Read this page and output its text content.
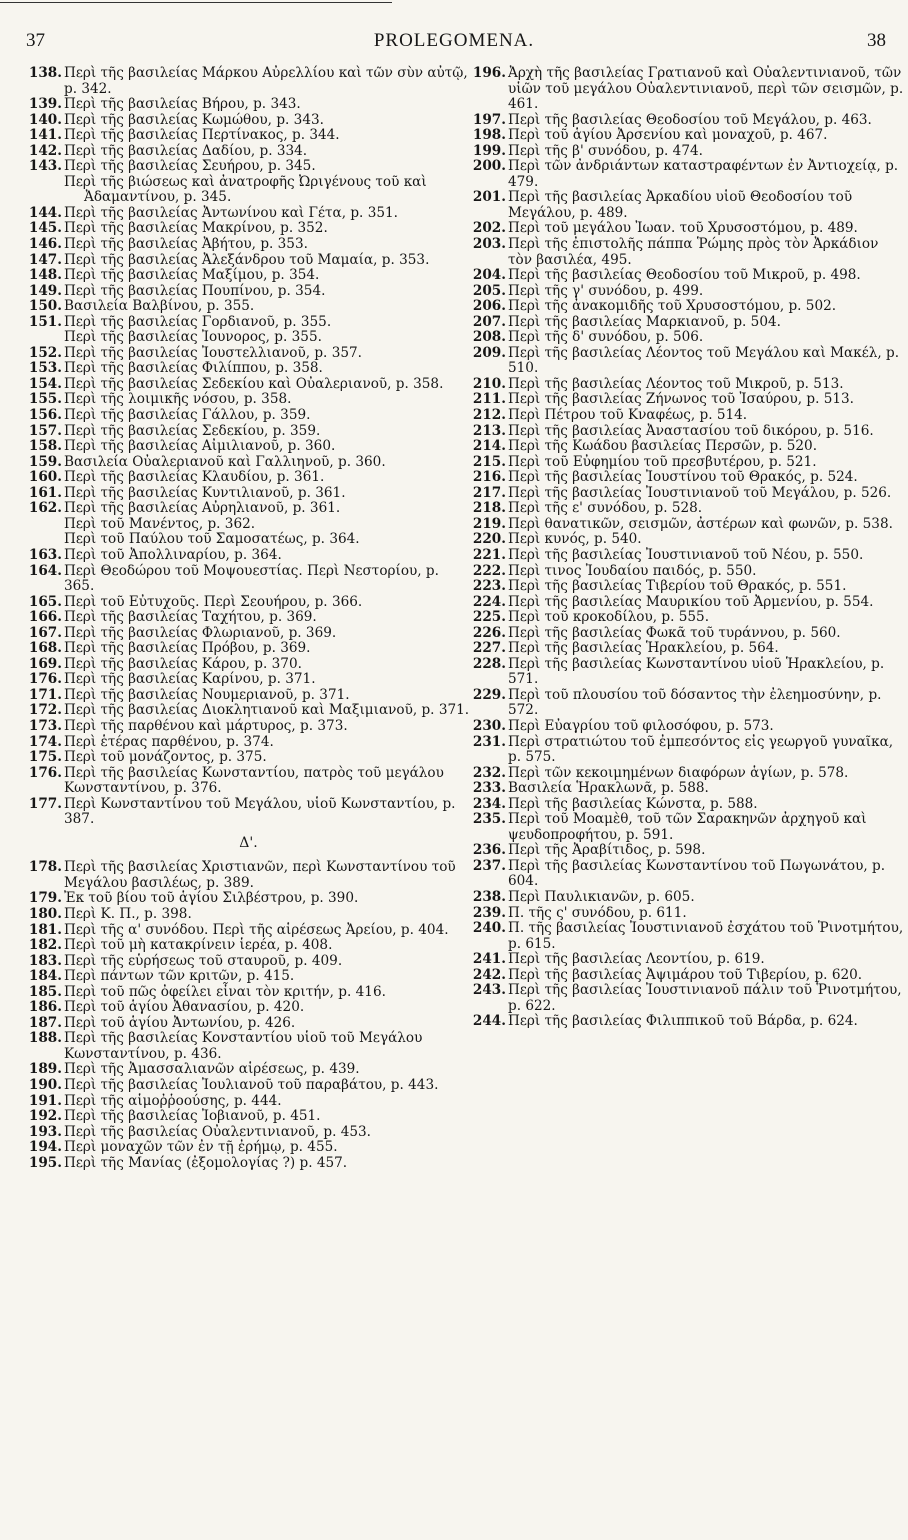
37	PROLEGOMENA.	38
138. Περὶ τῆς βασιλείας Μάρκου Αὐρελλίου καὶ τῶν σὺν αὐτῷ, p. 342.
139. Περὶ τῆς βασιλείας Βήρου, p. 343.
140. Περὶ τῆς βασιλείας Κωμώθου, p. 343.
141. Περὶ τῆς βασιλείας Περτίνακος, p. 344.
142. Περὶ τῆς βασιλείας Δαδίου, p. 334.
143. Περὶ τῆς βασιλείας Σευήρου, p. 345.
Περὶ τῆς βιώσεως καὶ ἀνατροφῆς Ὠριγένους τοῦ καὶ Ἀδαμαντίνου, p. 345.
144. Περὶ τῆς βασιλείας Ἀντωνίνου καὶ Γέτα, p. 351.
145. Περὶ τῆς βασιλείας Μακρίνου, p. 352.
146. Περὶ τῆς βασιλείας Ἀβήτου, p. 353.
147. Περὶ τῆς βασιλείας Ἀλεξάνδρου τοῦ Μαμαία, p. 353.
148. Περὶ τῆς βασιλείας Μαξίμου, p. 354.
149. Περὶ τῆς βασιλείας Πουπίνου, p. 354.
150. Βασιλεία Βαλβίνου, p. 355.
151. Περὶ τῆς βασιλείας Γορδιανοῦ, p. 355.
Περὶ τῆς βασιλείας Ἰουνορος, p. 355.
152. Περὶ τῆς βασιλείας Ἰουστελλιανοῦ, p. 357.
153. Περὶ τῆς βασιλείας Φιλίππου, p. 358.
154. Περὶ τῆς βασιλείας Σεδεκίου καὶ Οὐαλεριανοῦ, p. 358.
155. Περὶ τῆς λοιμικῆς νόσου, p. 358.
156. Περὶ τῆς βασιλείας Γάλλου, p. 359.
157. Περὶ τῆς βασιλείας Σεδεκίου, p. 359.
158. Περὶ τῆς βασιλείας Αἰμιλιανοῦ, p. 360.
159. Βασιλεία Οὐαλεριανοῦ καὶ Γαλλιηνοῦ, p. 360.
160. Περὶ τῆς βασιλείας Κλαυδίου, p. 361.
161. Περὶ τῆς βασιλείας Κυντιλιανοῦ, p. 361.
162. Περὶ τῆς βασιλείας Αὐρηλιανοῦ, p. 361.
Περὶ τοῦ Μανέντος, p. 362.
Περὶ τοῦ Παύλου τοῦ Σαμοσατέως, p. 364.
163. Περὶ τοῦ Ἀπολλιναρίου, p. 364.
164. Περὶ Θεοδώρου τοῦ Μοψουεστίας. Περὶ Νεστορίου, p. 365.
165. Περὶ τοῦ Εὐτυχοῦς. Περὶ Σεουήρου, p. 366.
166. Περὶ τῆς βασιλείας Ταχήτου, p. 369.
167. Περὶ τῆς βασιλείας Φλωριανοῦ, p. 369.
168. Περὶ τῆς βασιλείας Πρόβου, p. 369.
169. Περὶ τῆς βασιλείας Κάρου, p. 370.
176. Περὶ τῆς βασιλείας Καρίνου, p. 371.
171. Περὶ τῆς βασιλείας Νουμεριανοῦ, p. 371.
172. Περὶ τῆς βασιλείας Διοκλητιανοῦ καὶ Μαξιμιανοῦ, p. 371.
173. Περὶ τῆς παρθένου καὶ μάρτυρος, p. 373.
174. Περὶ ἑτέρας παρθένου, p. 374.
175. Περὶ τοῦ μονάζοντος, p. 375.
176. Περὶ τῆς βασιλείας Κωνσταντίου, πατρὸς τοῦ μεγάλου Κωνσταντίνου, p. 376.
177. Περὶ Κωνσταντίνου τοῦ Μεγάλου, υἱοῦ Κωνσταντίου, p. 387.
Δ'.
178. Περὶ τῆς βασιλείας Χριστιανῶν, περὶ Κωνσταντίνου τοῦ Μεγάλου βασιλέως, p. 389.
179. Ἐκ τοῦ βίου τοῦ ἁγίου Σιλβέστρου, p. 390.
180. Περὶ Κ. Π., p. 398.
181. Περὶ τῆς α' συνόδου. Περὶ τῆς αἱρέσεως Ἀρείου, p. 404.
182. Περὶ τοῦ μὴ κατακρίνειν ἱερέα, p. 408.
183. Περὶ τῆς εὑρήσεως τοῦ σταυροῦ, p. 409.
184. Περὶ πάντων τῶν κριτῶν, p. 415.
185. Περὶ τοῦ πῶς ὀφείλει εἶναι τὸν κριτήν, p. 416.
186. Περὶ τοῦ ἁγίου Ἀθανασίου, p. 420.
187. Περὶ τοῦ ἁγίου Ἀντωνίου, p. 426.
188. Περὶ τῆς βασιλείας Κονσταντίου υἱοῦ τοῦ Μεγάλου Κωνσταντίνου, p. 436.
189. Περὶ τῆς Ἀμασσαλιανῶν αἱρέσεως, p. 439.
190. Περὶ τῆς βασιλείας Ἰουλιανοῦ τοῦ παραβάτου, p. 443.
191. Περὶ τῆς αἱμοῤῥοούσης, p. 444.
192. Περὶ τῆς βασιλείας Ἰοβιανοῦ, p. 451.
193. Περὶ τῆς βασιλείας Οὐαλεντινιανοῦ, p. 453.
194. Περὶ μοναχῶν τῶν ἐν τῇ ἐρήμῳ, p. 455.
195. Περὶ τῆς Μανίας (ἐξομολογίας ?) p. 457.
196. Ἀρχὴ τῆς βασιλείας Γρατιανοῦ καὶ Οὐαλεντινιανοῦ, τῶν υἱῶν τοῦ μεγάλου Οὐαλεντινιανοῦ, περὶ τῶν σεισμῶν, p. 461.
197. Περὶ τῆς βασιλείας Θεοδοσίου τοῦ Μεγάλου, p. 463.
198. Περὶ τοῦ ἁγίου Ἀρσενίου καὶ μοναχοῦ, p. 467.
199. Περὶ τῆς β' συνόδου, p. 474.
200. Περὶ τῶν ἀνδριάντων καταστραφέντων ἐν Ἀντιοχείᾳ, p. 479.
201. Περὶ τῆς βασιλείας Ἀρκαδίου υἱοῦ Θεοδοσίου τοῦ Μεγάλου, p. 489.
202. Περὶ τοῦ μεγάλου Ἰωαν. τοῦ Χρυσοστόμου, p. 489.
203. Περὶ τῆς ἐπιστολῆς πάππα Ῥώμης πρὸς τὸν Ἀρκάδιον τὸν βασιλέα, 495.
204. Περὶ τῆς βασιλείας Θεοδοσίου τοῦ Μικροῦ, p. 498.
205. Περὶ τῆς γ' συνόδου, p. 499.
206. Περὶ τῆς ἀνακομιδῆς τοῦ Χρυσοστόμου, p. 502.
207. Περὶ τῆς βασιλείας Μαρκιανοῦ, p. 504.
208. Περὶ τῆς δ' συνόδου, p. 506.
209. Περὶ τῆς βασιλείας Λέοντος τοῦ Μεγάλου καὶ Μακέλ, p. 510.
210. Περὶ τῆς βασιλείας Λέοντος τοῦ Μικροῦ, p. 513.
211. Περὶ τῆς βασιλείας Ζήνωνος τοῦ Ἰσαύρου, p. 513.
212. Περὶ Πέτρου τοῦ Κναφέως, p. 514.
213. Περὶ τῆς βασιλείας Ἀναστασίου τοῦ δικόρου, p. 516.
214. Περὶ τῆς Κωάδου βασιλείας Περσῶν, p. 520.
215. Περὶ τοῦ Εὐφημίου τοῦ πρεσβυτέρου, p. 521.
216. Περὶ τῆς βασιλείας Ἰουστίνου τοῦ Θρακός, p. 524.
217. Περὶ τῆς βασιλείας Ἰουστινιανοῦ τοῦ Μεγάλου, p. 526.
218. Περὶ τῆς ε' συνόδου, p. 528.
219. Περὶ θανατικῶν, σεισμῶν, ἀστέρων καὶ φωνῶν, p. 538.
220. Περὶ κυνός, p. 540.
221. Περὶ τῆς βασιλείας Ἰουστινιανοῦ τοῦ Νέου, p. 550.
222. Περὶ τινος Ἰουδαίου παιδός, p. 550.
223. Περὶ τῆς βασιλείας Τιβερίου τοῦ Θρακός, p. 551.
224. Περὶ τῆς βασιλείας Μαυρικίου τοῦ Ἀρμενίου, p. 554.
225. Περὶ τοῦ κροκοδίλου, p. 555.
226. Περὶ τῆς βασιλείας Φωκᾶ τοῦ τυράννου, p. 560.
227. Περὶ τῆς βασιλείας Ἡρακλείου, p. 564.
228. Περὶ τῆς βασιλείας Κωνσταντίνου υἱοῦ Ἡρακλείου, p. 571.
229. Περὶ τοῦ πλουσίου τοῦ δόσαντος τὴν ἐλεημοσύνην, p. 572.
230. Περὶ Εὐαγρίου τοῦ φιλοσόφου, p. 573.
231. Περὶ στρατιώτου τοῦ ἐμπεσόντος εἰς γεωργοῦ γυναῖκα, p. 575.
232. Περὶ τῶν κεκοιμημένων διαφόρων ἁγίων, p. 578.
233. Βασιλεία Ἡρακλωνᾶ, p. 588.
234. Περὶ τῆς βασιλείας Κώνστα, p. 588.
235. Περὶ τοῦ Μοαμὲθ, τοῦ τῶν Σαρακηνῶν ἀρχηγοῦ καὶ ψευδοπροφήτου, p. 591.
236. Περὶ τῆς Ἀραβίτιδος, p. 598.
237. Περὶ τῆς βασιλείας Κωνσταντίνου τοῦ Πωγωνάτου, p. 604.
238. Περὶ Παυλικιανῶν, p. 605.
239. Π. τῆς ς' συνόδου, p. 611.
240. Π. τῆς βασιλείας Ἰουστινιανοῦ ἐσχάτου τοῦ Ῥινοτμήτου, p. 615.
241. Περὶ τῆς βασιλείας Λεοντίου, p. 619.
242. Περὶ τῆς βασιλείας Ἀψιμάρου τοῦ Τιβερίου, p. 620.
243. Περὶ τῆς βασιλείας Ἰουστινιανοῦ πάλιν τοῦ Ῥινοτμήτου, p. 622.
244. Περὶ τῆς βασιλείας Φιλιππικοῦ τοῦ Βάρδα, p. 624.
